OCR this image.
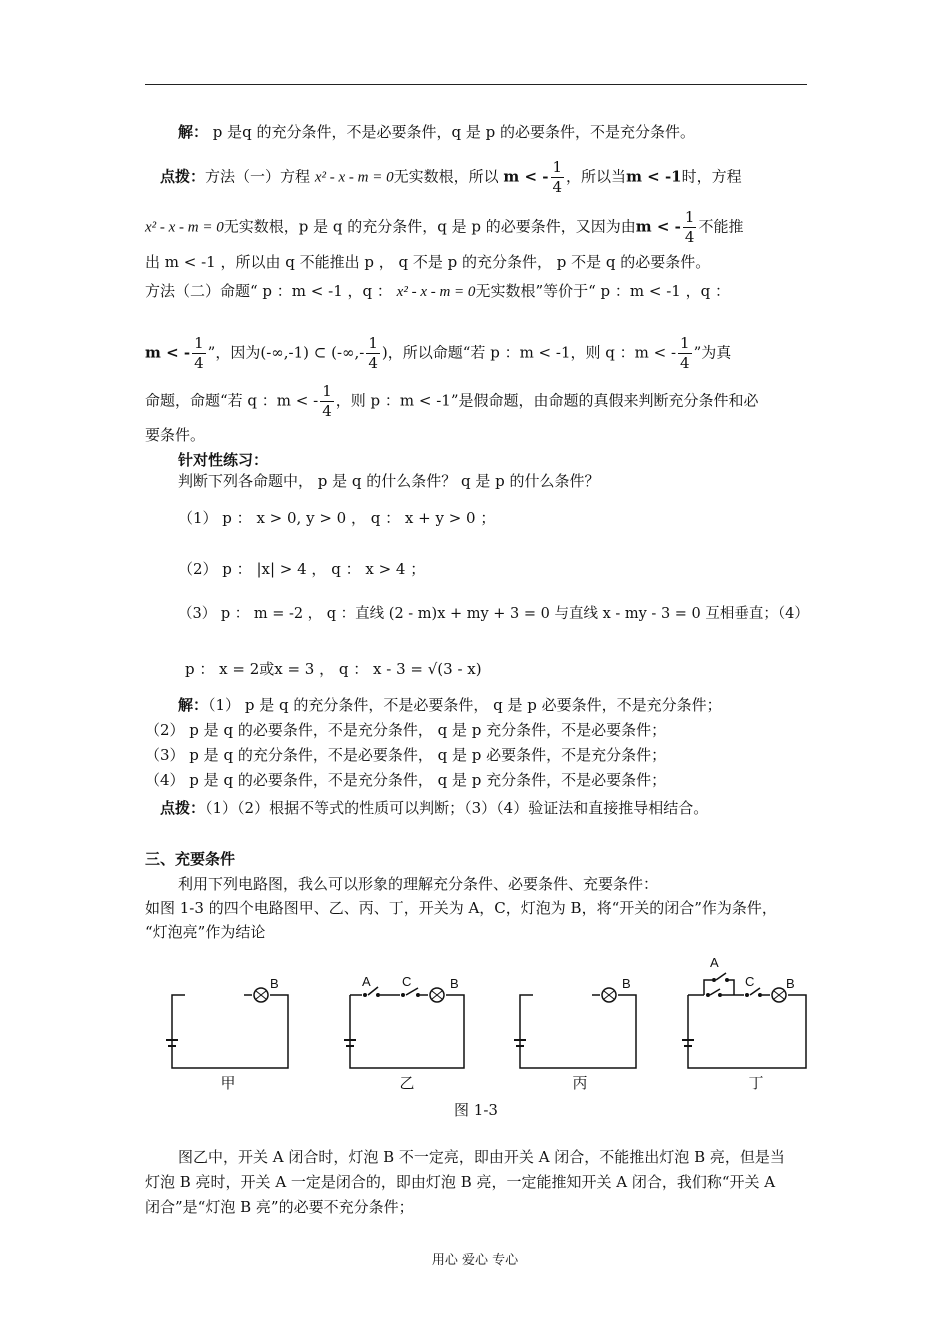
解： p 是q 的充分条件，不是必要条件，q 是 p 的必要条件，不是充分条件。
点拨：方法（一）方程 x² - x - m = 0无实数根，所以 m < - $\frac{1}{4}$ ，所以当m < -1时，方程
x² - x - m = 0无实数根，p 是 q 的充分条件，q 是 p 的必要条件，又因为由m < - $\frac{1}{4}$ 不能推
出 m < -1 ，所以由 q 不能推出 p ， q 不是 p 的充分条件， p 不是 q 的必要条件。
方法（二）命题“ p ：m < -1 ，q ： x² - x - m = 0无实数根”等价于“ p ：m < -1 ，q ：
m < - $\frac{1}{4}$ ”，因为(-∞,-1) ⊂ (-∞,- $\frac{1}{4}$ )，所以命题“若 p ：m < -1，则 q ：m < - $\frac{1}{4}$ ”为真
命题，命题“若 q ：m < - $\frac{1}{4}$ ，则 p ：m < -1”是假命题，由命题的真假来判断充分条件和必
要条件。
针对性练习：
判断下列各命题中， p 是 q 的什么条件？ q 是 p 的什么条件？
（1） p ： x > 0, y > 0 ， q ： x + y > 0 ；
（2） p ： |x| > 4 ， q ： x > 4 ；
（3） p ： m = -2 ， q ：直线 (2 - m)x + my + 3 = 0 与直线 x - my - 3 = 0 互相垂直；（4）
p ： x = 2或x = 3 ， q ： x - 3 = √(3 - x)
解：（1） p 是 q 的充分条件，不是必要条件， q 是 p 必要条件，不是充分条件；
（2） p 是 q 的必要条件，不是充分条件， q 是 p 充分条件，不是必要条件；
（3） p 是 q 的充分条件，不是必要条件， q 是 p 必要条件，不是充分条件；
（4） p 是 q 的必要条件，不是充分条件， q 是 p 充分条件，不是必要条件；
点拨：（1）（2）根据不等式的性质可以判断；（3）（4）验证法和直接推导相结合。
三、充要条件
利用下列电路图，我么可以形象的理解充分条件、必要条件、充要条件：
如图 1-3 的四个电路图甲、乙、丙、丁，开关为 A，C，灯泡为 B，将“开关的闭合”作为条件，
“灯泡亮”作为结论
B	A C	B	B
A
C B
甲	乙	丙	丁
图 1-3
图乙中，开关 A 闭合时，灯泡 B 不一定亮，即由开关 A 闭合，不能推出灯泡 B 亮，但是当
灯泡 B 亮时，开关 A 一定是闭合的，即由灯泡 B 亮，一定能推知开关 A 闭合，我们称“开关 A
闭合”是“灯泡 B 亮”的必要不充分条件；
用心 爱心 专心
